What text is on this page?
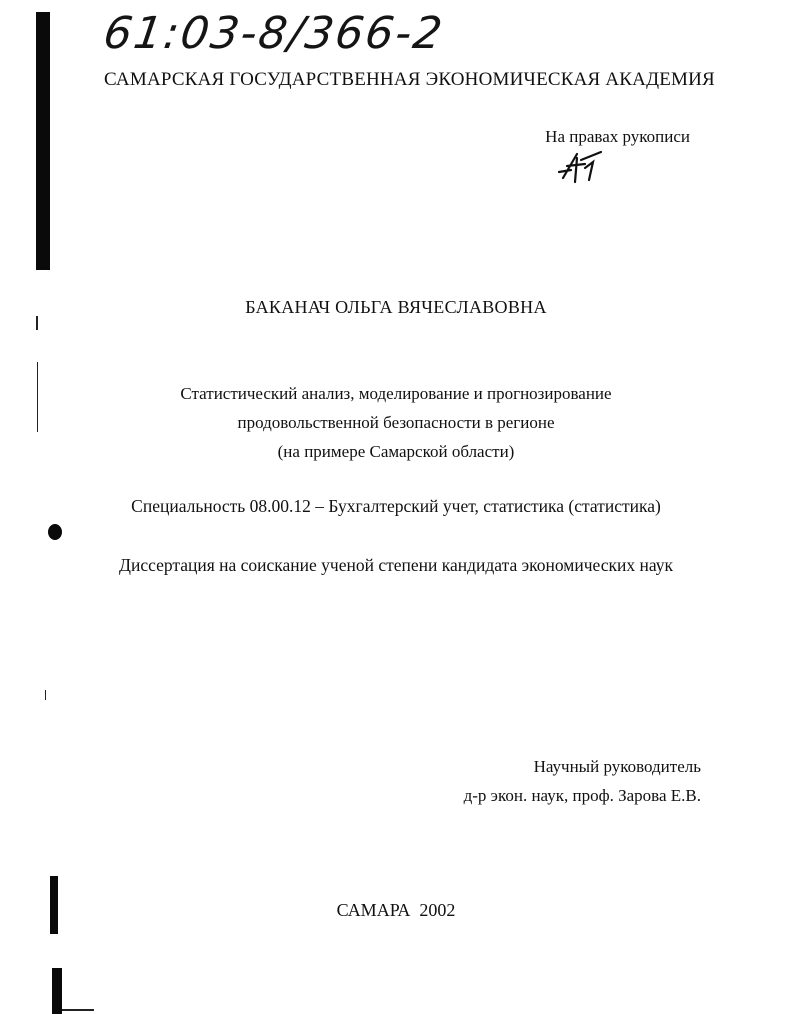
61:03-8/366-2
САМАРСКАЯ ГОСУДАРСТВЕННАЯ ЭКОНОМИЧЕСКАЯ АКАДЕМИЯ
На правах рукописи
БАКАНАЧ ОЛЬГА ВЯЧЕСЛАВОВНА
Статистический анализ, моделирование и прогнозирование
продовольственной безопасности в регионе
(на примере Самарской области)
Специальность 08.00.12 – Бухгалтерский учет, статистика (статистика)
Диссертация на соискание ученой степени кандидата экономических наук
Научный руководитель
д-р экон. наук, проф. Зарова Е.В.
САМАРА  2002
